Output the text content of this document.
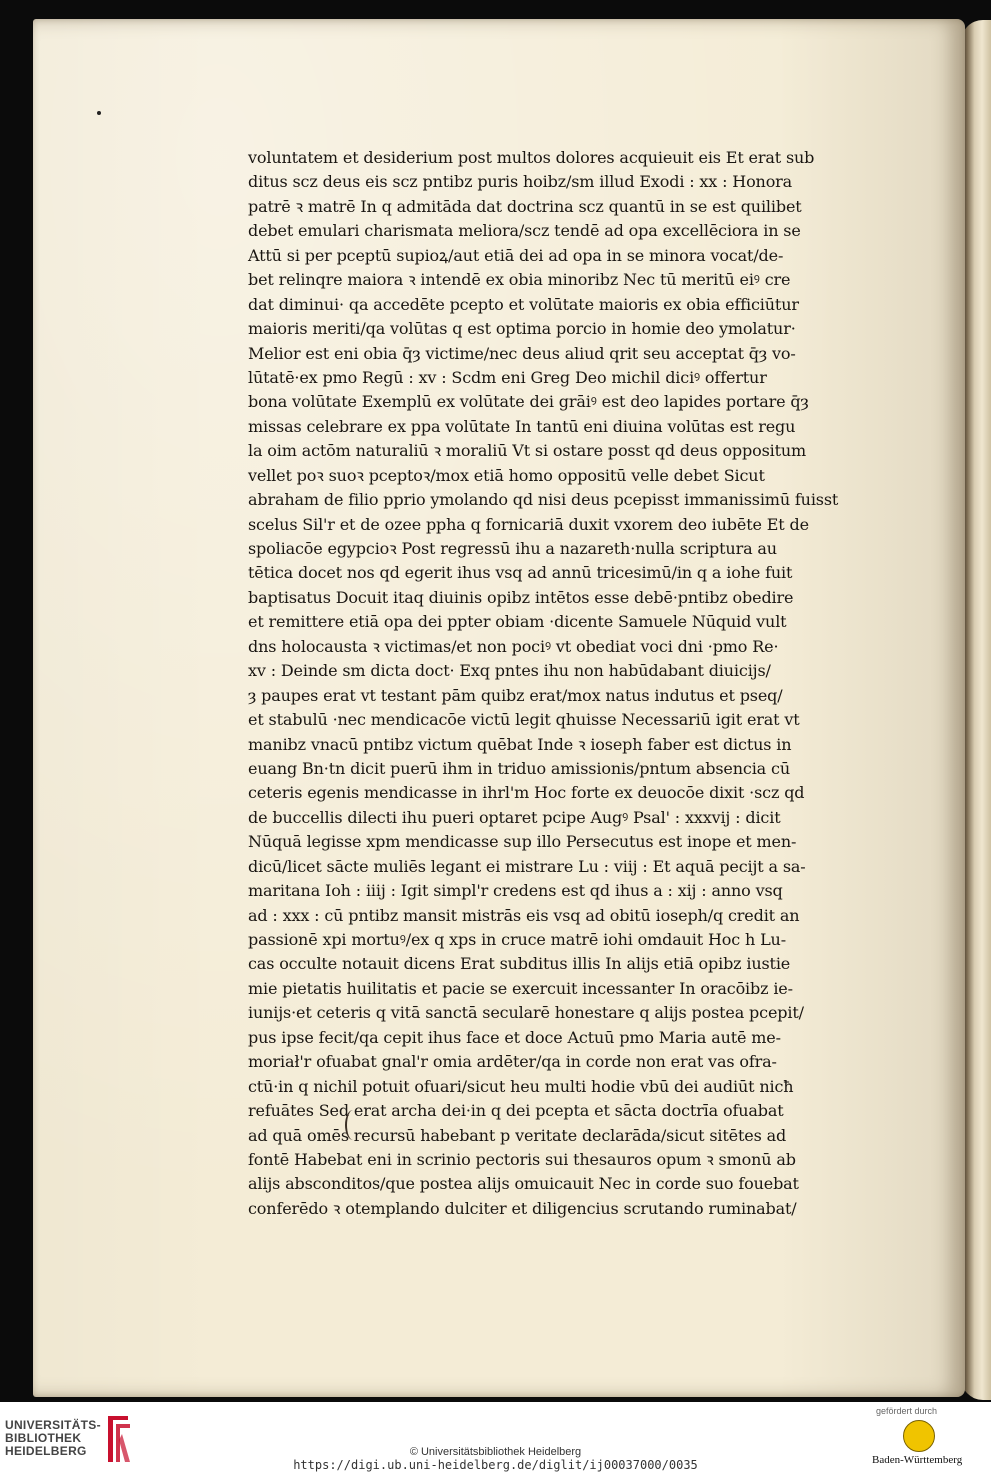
voluntatem et desiderium post multos dolores acquieuit eis Et erat sub
ditus scz deus eis scz pntibz puris hoibz/sm illud Exodi : xx : Honora
patrē ꝛ matrē In q admitāda dat doctrina scz quantū in se est quilibet
debet emulari charismata meliora/scz tendē ad opa excellēciora in se
Attū si per pceptū supioꝝ/aut etiā dei ad opa in se minora vocat/de-
bet relinqre maiora ꝛ intendē ex obia minoribz Nec tū meritū eiꝰ cre
dat diminui· qa accedēte pcepto et volūtate maioris ex obia efficiūtur
maioris meriti/qa volūtas q est optima porcio in homie deo ymolatur·
Melior est eni obia q̄ȝ victime/nec deus aliud qrit seu acceptat q̄ȝ vo-
lūtatē·ex pmo Regū : xv : Scdm eni Greg Deo michil diciꝰ offertur
bona volūtate Exemplū ex volūtate dei grāiꝰ est deo lapides portare q̄ȝ
missas celebrare ex ppa volūtate In tantū eni diuina volūtas est regu
la oim actōm naturaliū ꝛ moraliū Vt si ostare posst qd deus oppositum
vellet poꝛ suoꝛ pceptoꝛ/mox etiā homo oppositū velle debet Sicut
abraham de filio pprio ymolando qd nisi deus pcepisst immanissimū fuisst
scelus Sil'r et de ozee ppha q fornicariā duxit vxorem deo iubēte Et de
spoliacōe egypcioꝛ Post regressū ihu a nazareth·nulla scriptura au
tētica docet nos qd egerit ihus vsq ad annū tricesimū/in q a iohe fuit
baptisatus Docuit itaq diuinis opibz intētos esse debē·pntibz obedire
et remittere etiā opa dei ppter obiam ·dicente Samuele Nūquid vult
dns holocausta ꝛ victimas/et non pociꝰ vt obediat voci dni ·pmo Re·
xv : Deinde sm dicta doct· Exq pntes ihu non habūdabant diuicijs/
ȝ paupes erat vt testant pām quibz erat/mox natus indutus et pseq/
et stabulū ·nec mendicacōe victū legit qhuisse Necessariū igit erat vt
manibz vnacū pntibz victum quēbat Inde ꝛ ioseph faber est dictus in
euang Bn·tn dicit puerū ihm in triduo amissionis/pntum absencia cū
ceteris egenis mendicasse in ihrl'm Hoc forte ex deuocōe dixit ·scz qd
de buccellis dilecti ihu pueri optaret pcipe Augꝰ Psal' : xxxvij : dicit
Nūquā legisse xpm mendicasse sup illo Persecutus est inope et men-
dicū/licet sācte muliēs legant ei mistrare Lu : viij : Et aquā pecijt a sa-
maritana Ioh : iiij : Igit simpl'r credens est qd ihus a : xij : anno vsq
ad : xxx : cū pntibz mansit mistrās eis vsq ad obitū ioseph/q credit an
passionē xpi mortuꝰ/ex q xps in cruce matrē iohi omdauit Hoc h Lu-
cas occulte notauit dicens Erat subditus illis In alijs etiā opibz iustie
mie pietatis huilitatis et pacie se exercuit incessanter In oracōibz ie-
iunijs·et ceteris q vitā sanctā secularē honestare q alijs postea pcepit/
pus ipse fecit/qa cepit ihus face et doce Actuū pmo Maria autē me-
moriał'r ofuabat gnal'r omia ardēter/qa in corde non erat vas ofra-
ctū·in q nichil potuit ofuari/sicut heu multi hodie vbū dei audiūt nicħ
refuātes Sed erat archa dei·in q dei pcepta et sācta doctrīa ofuabat
ad quā omēs recursū habebant p veritate declarāda/sicut sitētes ad
fontē Habebat eni in scrinio pectoris sui thesauros opum ꝛ smonū ab
alijs absconditos/que postea alijs omuicauit Nec in corde suo fouebat
conferēdo ꝛ otemplando dulciter et diligencius scrutando ruminabat/
UNIVERSITÄTS-
BIBLIOTHEK
HEIDELBERG	© Universitätsbibliothek Heidelberg
https://digi.ub.uni-heidelberg.de/diglit/ij00037000/0035
gefördert durch
Baden-Württemberg
